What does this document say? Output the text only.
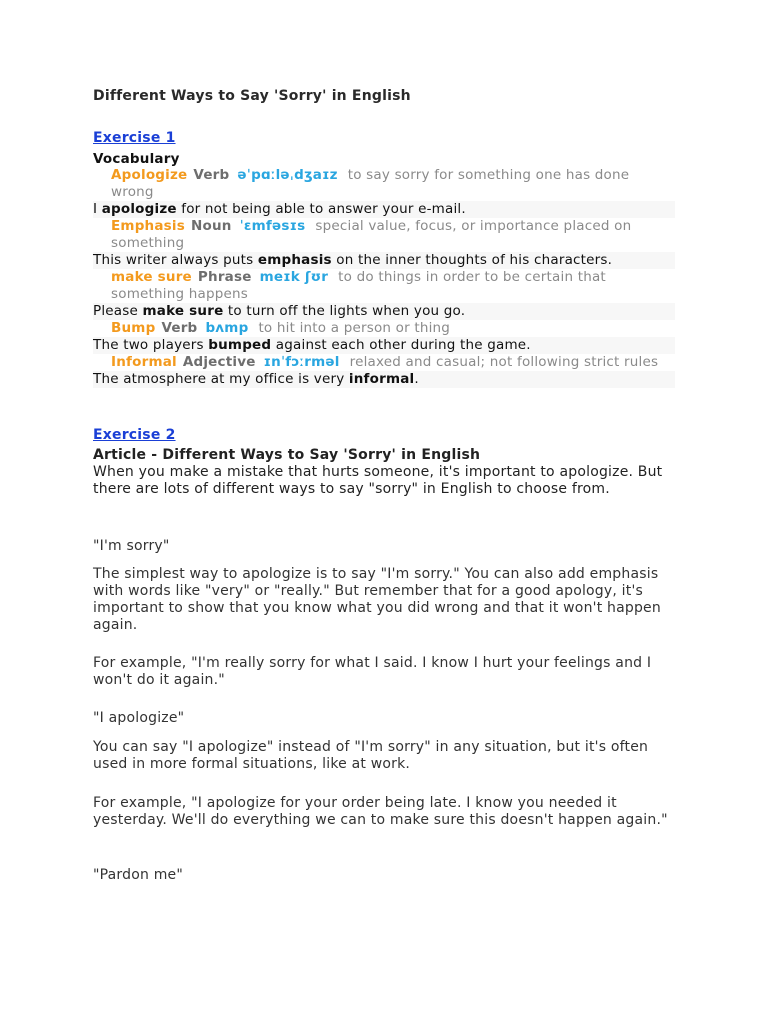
Different Ways to Say 'Sorry' in English
Exercise 1
Vocabulary
Apologize Verb əˈpɑːləˌdʒaɪz to say sorry for something one has done wrong
I apologize for not being able to answer your e-mail.
Emphasis Noun ˈɛmfəsɪs special value, focus, or importance placed on something
This writer always puts emphasis on the inner thoughts of his characters.
make sure Phrase meɪk ʃʊr to do things in order to be certain that something happens
Please make sure to turn off the lights when you go.
Bump Verb bʌmp to hit into a person or thing
The two players bumped against each other during the game.
Informal Adjective ɪnˈfɔːrməl relaxed and casual; not following strict rules
The atmosphere at my office is very informal.
Exercise 2
Article - Different Ways to Say 'Sorry' in English

When you make a mistake that hurts someone, it's important to apologize. But there are lots of different ways to say "sorry" in English to choose from.

"I'm sorry"

The simplest way to apologize is to say "I'm sorry." You can also add emphasis with words like "very" or "really." But remember that for a good apology, it's important to show that you know what you did wrong and that it won't happen again.

For example, "I'm really sorry for what I said. I know I hurt your feelings and I won't do it again."

"I apologize"

You can say "I apologize" instead of "I'm sorry" in any situation, but it's often used in more formal situations, like at work.

For example, "I apologize for your order being late. I know you needed it yesterday. We'll do everything we can to make sure this doesn't happen again."

"Pardon me"
